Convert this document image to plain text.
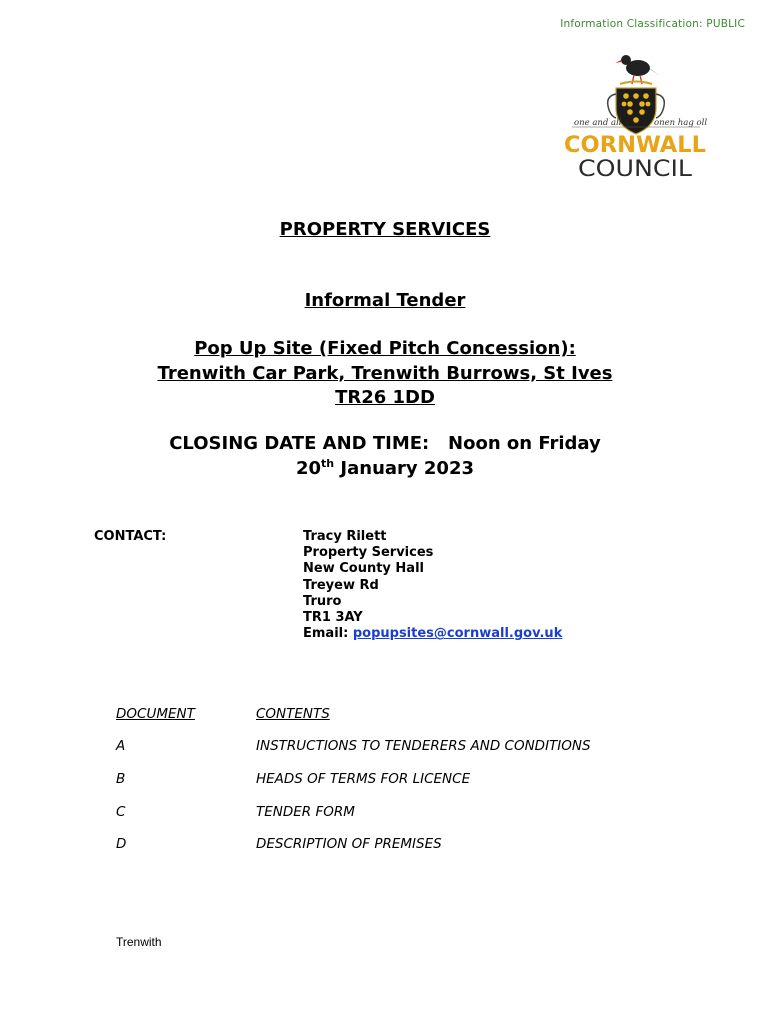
Information Classification: PUBLIC
one and all	onen hag oll
CORNWALL
COUNCIL
PROPERTY SERVICES
Informal Tender
Pop Up Site (Fixed Pitch Concession):
Trenwith Car Park, Trenwith Burrows, St Ives
TR26 1DD
CLOSING DATE AND TIME:   Noon on Friday
20th January 2023
CONTACT:	Tracy Rilett
Property Services
New County Hall
Treyew Rd
Truro
TR1 3AY
Email: popupsites@cornwall.gov.uk
DOCUMENT	CONTENTS
A	INSTRUCTIONS TO TENDERERS AND CONDITIONS
B	HEADS OF TERMS FOR LICENCE
C	TENDER FORM
D	DESCRIPTION OF PREMISES
Trenwith
